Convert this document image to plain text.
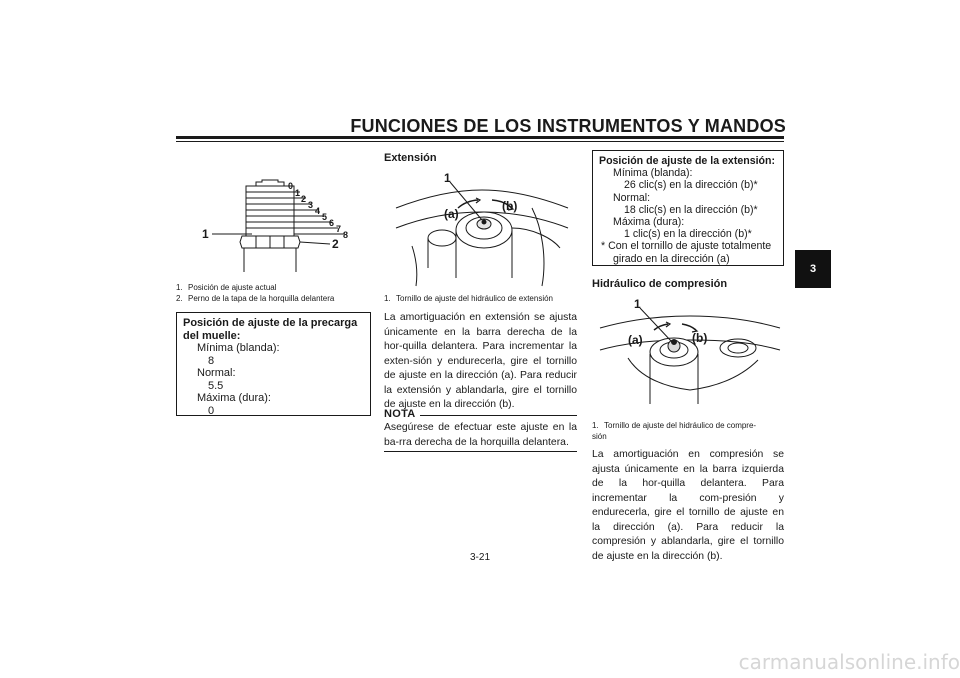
FUNCIONES DE LOS INSTRUMENTOS Y MANDOS
3
0
1
2
3
4
5
6
7
8
1
2
1. Posición de ajuste actual
2. Perno de la tapa de la horquilla delantera
Posición de ajuste de la precarga del muelle:
Mínima (blanda):
8
Normal:
5.5
Máxima (dura):
0
Extensión
1
(a)
(b)
1. Tornillo de ajuste del hidráulico de extensión
La amortiguación en extensión se ajusta únicamente en la barra derecha de la hor-quilla delantera. Para incrementar la exten-sión y endurecerla, gire el tornillo de ajuste en la dirección (a). Para reducir la extensión y ablandarla, gire el tornillo de ajuste en la dirección (b).
NOTA
Asegúrese de efectuar este ajuste en la ba-rra derecha de la horquilla delantera.
Posición de ajuste de la extensión:
Mínima (blanda):
26 clic(s) en la dirección (b)*
Normal:
18 clic(s) en la dirección (b)*
Máxima (dura):
1 clic(s) en la dirección (b)*
* Con el tornillo de ajuste totalmente
girado en la dirección (a)
Hidráulico de compresión
1
(a)	(b)
1. Tornillo de ajuste del hidráulico de compre-
sión
La amortiguación en compresión se ajusta únicamente en la barra izquierda de la hor-quilla delantera. Para incrementar la com-presión y endurecerla, gire el tornillo de ajuste en la dirección (a). Para reducir la compresión y ablandarla, gire el tornillo de ajuste en la dirección (b).
3-21
carmanualsonline.info
